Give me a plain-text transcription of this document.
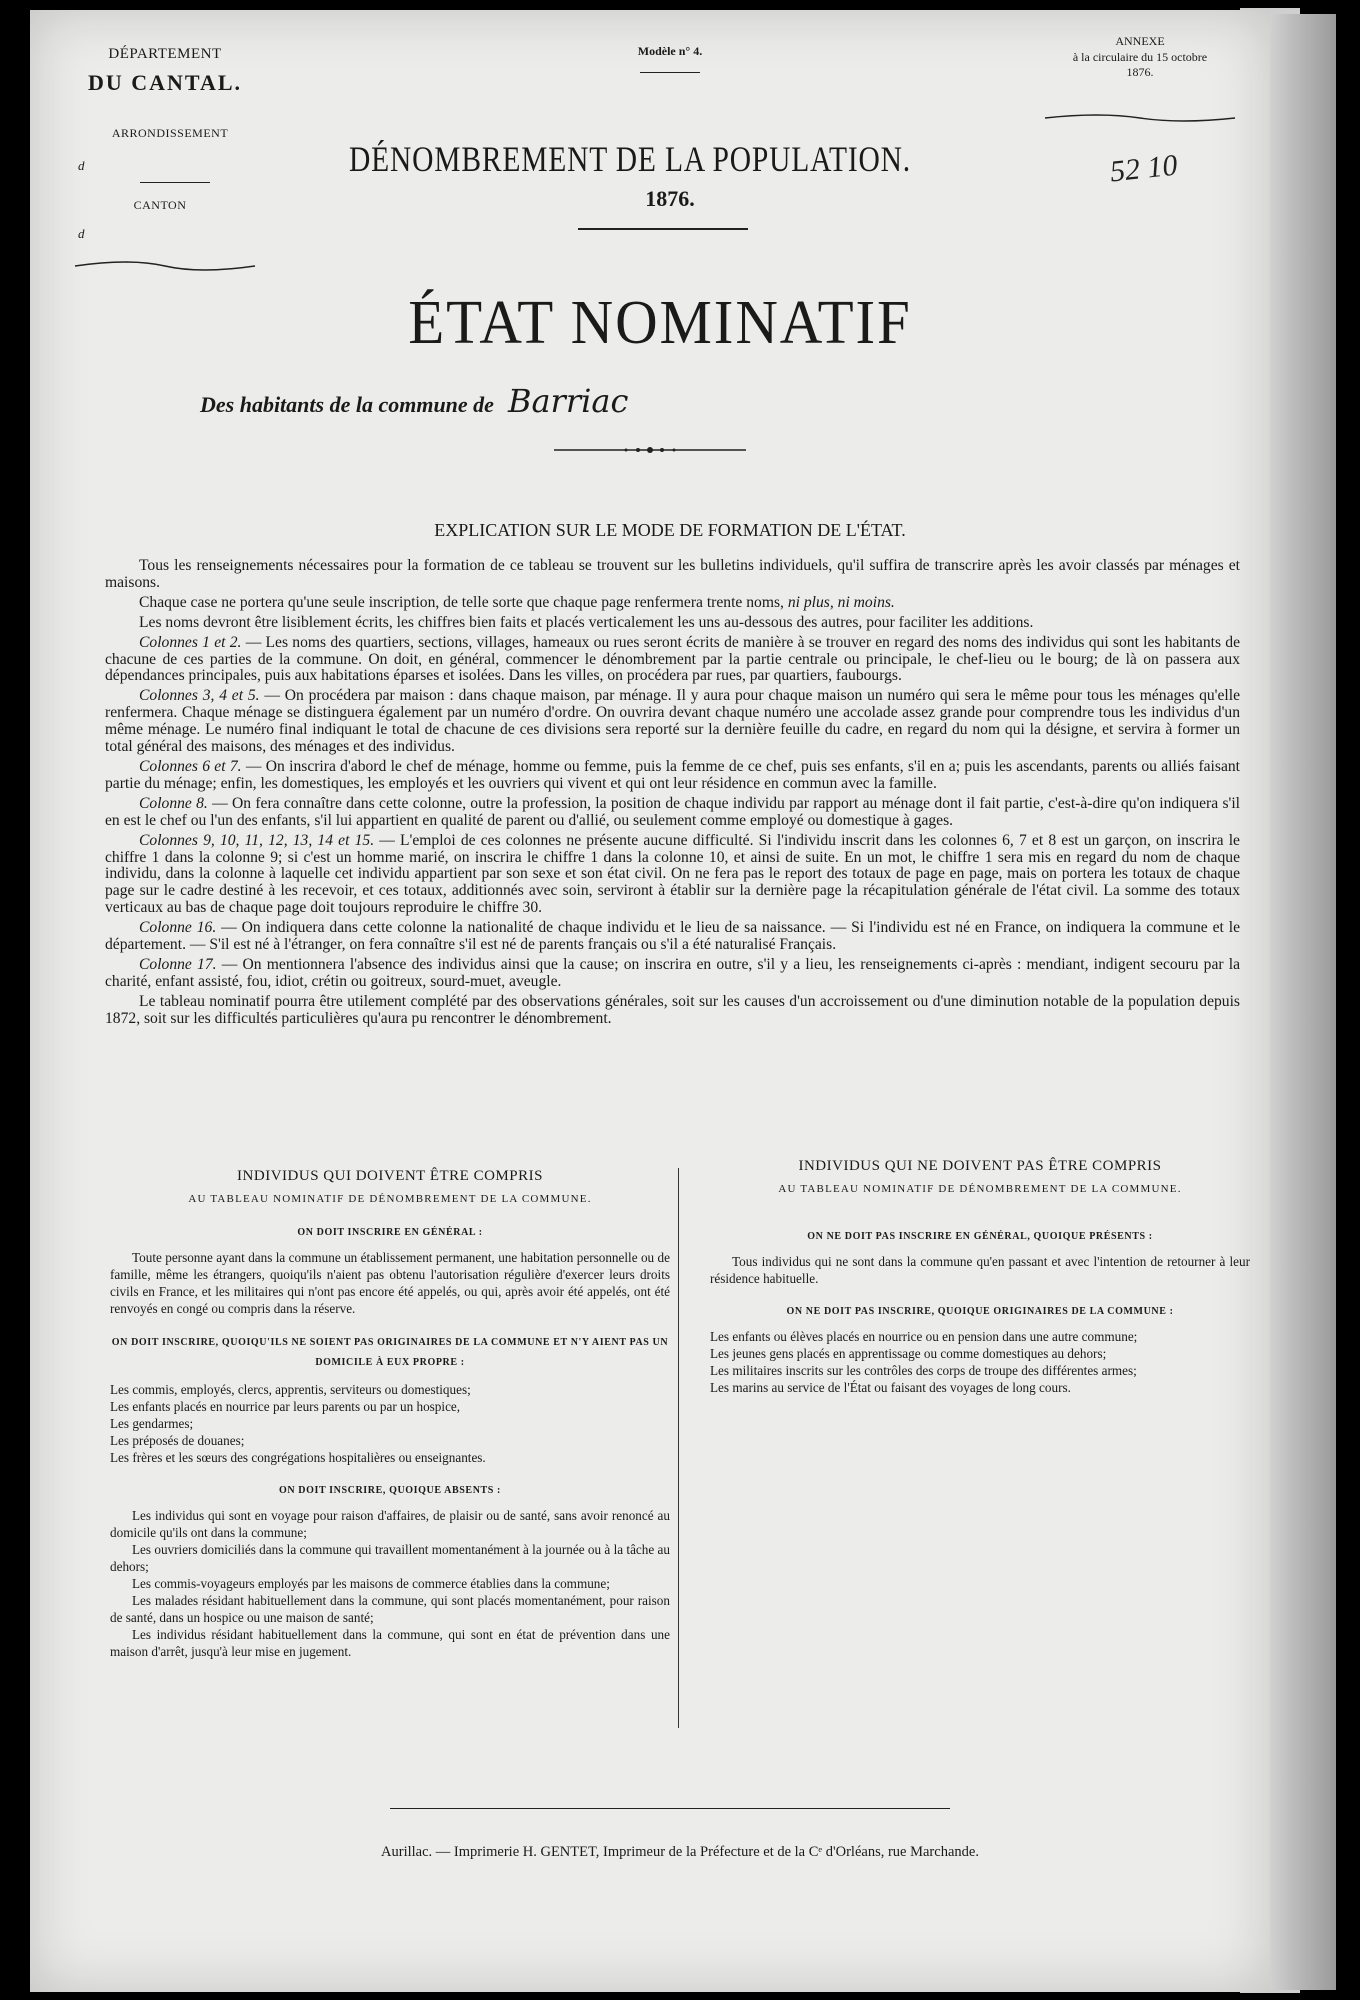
DÉPARTEMENT
DU CANTAL.
ARRONDISSEMENT
d
CANTON
d
Modèle n° 4.
ANNEXE
à la circulaire du 15 octobre
1876.
52 10
DÉNOMBREMENT DE LA POPULATION.
1876.
ÉTAT NOMINATIF
Des habitants de la commune de Barriac
EXPLICATION SUR LE MODE DE FORMATION DE L'ÉTAT.

Tous les renseignements nécessaires pour la formation de ce tableau se trouvent sur les bulletins individuels, qu'il suffira de transcrire après les avoir classés par ménages et maisons.

Chaque case ne portera qu'une seule inscription, de telle sorte que chaque page renfermera trente noms, ni plus, ni moins.

Les noms devront être lisiblement écrits, les chiffres bien faits et placés verticalement les uns au-dessous des autres, pour faciliter les additions.

Colonnes 1 et 2. — Les noms des quartiers, sections, villages, hameaux ou rues seront écrits de manière à se trouver en regard des noms des individus qui sont les habitants de chacune de ces parties de la commune. On doit, en général, commencer le dénombrement par la partie centrale ou principale, le chef-lieu ou le bourg; de là on passera aux dépendances principales, puis aux habitations éparses et isolées. Dans les villes, on procédera par rues, par quartiers, faubourgs.

Colonnes 3, 4 et 5. — On procédera par maison : dans chaque maison, par ménage. Il y aura pour chaque maison un numéro qui sera le même pour tous les ménages qu'elle renfermera. Chaque ménage se distinguera également par un numéro d'ordre. On ouvrira devant chaque numéro une accolade assez grande pour comprendre tous les individus d'un même ménage. Le numéro final indiquant le total de chacune de ces divisions sera reporté sur la dernière feuille du cadre, en regard du nom qui la désigne, et servira à former un total général des maisons, des ménages et des individus.

Colonnes 6 et 7. — On inscrira d'abord le chef de ménage, homme ou femme, puis la femme de ce chef, puis ses enfants, s'il en a; puis les ascendants, parents ou alliés faisant partie du ménage; enfin, les domestiques, les employés et les ouvriers qui vivent et qui ont leur résidence en commun avec la famille.

Colonne 8. — On fera connaître dans cette colonne, outre la profession, la position de chaque individu par rapport au ménage dont il fait partie, c'est-à-dire qu'on indiquera s'il en est le chef ou l'un des enfants, s'il lui appartient en qualité de parent ou d'allié, ou seulement comme employé ou domestique à gages.

Colonnes 9, 10, 11, 12, 13, 14 et 15. — L'emploi de ces colonnes ne présente aucune difficulté. Si l'individu inscrit dans les colonnes 6, 7 et 8 est un garçon, on inscrira le chiffre 1 dans la colonne 9; si c'est un homme marié, on inscrira le chiffre 1 dans la colonne 10, et ainsi de suite. En un mot, le chiffre 1 sera mis en regard du nom de chaque individu, dans la colonne à laquelle cet individu appartient par son sexe et son état civil. On ne fera pas le report des totaux de page en page, mais on portera les totaux de chaque page sur le cadre destiné à les recevoir, et ces totaux, additionnés avec soin, serviront à établir sur la dernière page la récapitulation générale de l'état civil. La somme des totaux verticaux au bas de chaque page doit toujours reproduire le chiffre 30.

Colonne 16. — On indiquera dans cette colonne la nationalité de chaque individu et le lieu de sa naissance. — Si l'individu est né en France, on indiquera la commune et le département. — S'il est né à l'étranger, on fera connaître s'il est né de parents français ou s'il a été naturalisé Français.

Colonne 17. — On mentionnera l'absence des individus ainsi que la cause; on inscrira en outre, s'il y a lieu, les renseignements ci-après : mendiant, indigent secouru par la charité, enfant assisté, fou, idiot, crétin ou goitreux, sourd-muet, aveugle.

Le tableau nominatif pourra être utilement complété par des observations générales, soit sur les causes d'un accroissement ou d'une diminution notable de la population depuis 1872, soit sur les difficultés particulières qu'aura pu rencontrer le dénombrement.

INDIVIDUS QUI DOIVENT ÊTRE COMPRIS
AU TABLEAU NOMINATIF DE DÉNOMBREMENT DE LA COMMUNE.
ON DOIT INSCRIRE EN GÉNÉRAL :

Toute personne ayant dans la commune un établissement permanent, une habitation personnelle ou de famille, même les étrangers, quoiqu'ils n'aient pas obtenu l'autorisation régulière d'exercer leurs droits civils en France, et les militaires qui n'ont pas encore été appelés, ou qui, après avoir été appelés, ont été renvoyés en congé ou compris dans la réserve.

ON DOIT INSCRIRE, QUOIQU'ILS NE SOIENT PAS ORIGINAIRES DE LA COMMUNE ET N'Y AIENT PAS UN DOMICILE À EUX PROPRE :
Les commis, employés, clercs, apprentis, serviteurs ou domestiques;
Les enfants placés en nourrice par leurs parents ou par un hospice,
Les gendarmes;
Les préposés de douanes;
Les frères et les sœurs des congrégations hospitalières ou enseignantes.
ON DOIT INSCRIRE, QUOIQUE ABSENTS :
Les individus qui sont en voyage pour raison d'affaires, de plaisir ou de santé, sans avoir renoncé au domicile qu'ils ont dans la commune;
Les ouvriers domiciliés dans la commune qui travaillent momentanément à la journée ou à la tâche au dehors;
Les commis-voyageurs employés par les maisons de commerce établies dans la commune;
Les malades résidant habituellement dans la commune, qui sont placés momentanément, pour raison de santé, dans un hospice ou une maison de santé;
Les individus résidant habituellement dans la commune, qui sont en état de prévention dans une maison d'arrêt, jusqu'à leur mise en jugement.
INDIVIDUS QUI NE DOIVENT PAS ÊTRE COMPRIS
AU TABLEAU NOMINATIF DE DÉNOMBREMENT DE LA COMMUNE.
ON NE DOIT PAS INSCRIRE EN GÉNÉRAL, QUOIQUE PRÉSENTS :

Tous individus qui ne sont dans la commune qu'en passant et avec l'intention de retourner à leur résidence habituelle.

ON NE DOIT PAS INSCRIRE, QUOIQUE ORIGINAIRES DE LA COMMUNE :
Les enfants ou élèves placés en nourrice ou en pension dans une autre commune;
Les jeunes gens placés en apprentissage ou comme domestiques au dehors;
Les militaires inscrits sur les contrôles des corps de troupe des différentes armes;
Les marins au service de l'État ou faisant des voyages de long cours.
Aurillac. — Imprimerie H. GENTET, Imprimeur de la Préfecture et de la Cᵉ d'Orléans, rue Marchande.
